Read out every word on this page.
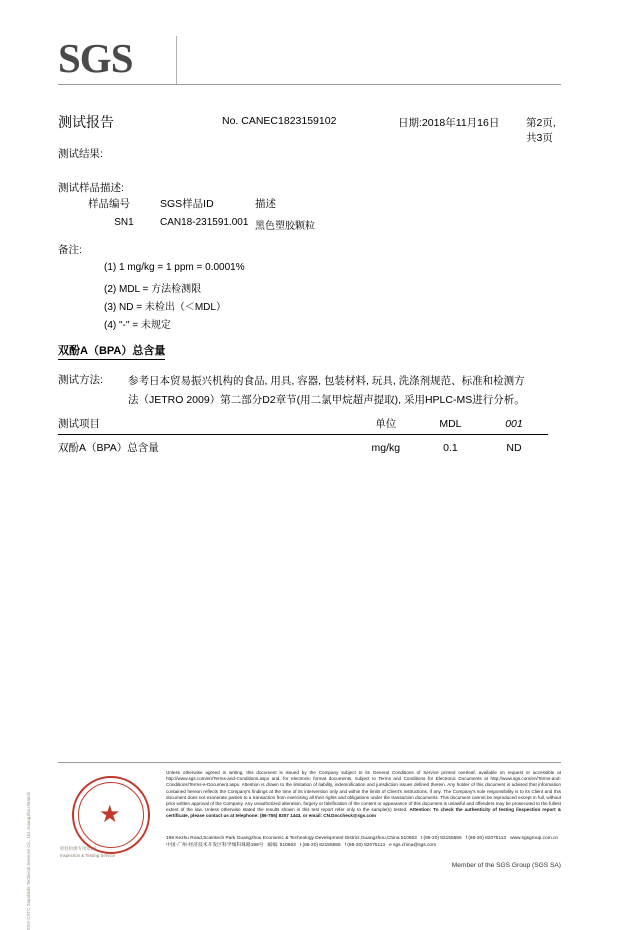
SGS
测试报告	No. CANEC1823159102	日期:2018年11月16日	第2页,共3页
测试结果:
测试样品描述:
样品编号	SGS样品ID	描述
SN1	CAN18-231591.001	黑色塑胶颗粒
备注:
(1) 1 mg/kg = 1 ppm = 0.0001%
(2) MDL = 方法检测限
(3) ND = 未检出（＜MDL）
(4) "-" = 未规定
双酚A（BPA）总含量
测试方法: 参考日本贸易振兴机构的食品, 用具, 容器, 包装材料, 玩具, 洗涤剂规范、标准和检测方
法（JETRO 2009）第二部分D2章节(用二氯甲烷超声提取), 采用HPLC-MS进行分析。
测试项目	单位	MDL	001
双酚A（BPA）总含量	mg/kg	0.1	ND
SGS-CSTC Standards Technical Services Co., Ltd. Guangzhou Branch	★
检验检测专用章(4)
Inspection & Testing Service
Unless otherwise agreed in writing, this document is issued by the Company subject to its General Conditions of Service printed overleaf, available on request or accessible at http://www.sgs.com/en/Terms-and-Conditions.aspx and, for electronic format documents, subject to Terms and Conditions for Electronic Documents at http://www.sgs.com/en/Terms-and-Conditions/Terms-e-Document.aspx. Attention is drawn to the limitation of liability, indemnification and jurisdiction issues defined therein. Any holder of this document is advised that information contained hereon reflects the Company's findings at the time of its intervention only and within the limits of Client's instructions, if any. The Company's sole responsibility is to its Client and this document does not exonerate parties to a transaction from exercising all their rights and obligations under the transaction documents. This document cannot be reproduced except in full, without prior written approval of the Company. Any unauthorized alteration, forgery or falsification of the content or appearance of this document is unlawful and offenders may be prosecuted to the fullest extent of the law. Unless otherwise stated the results shown in this test report refer only to the sample(s) tested. Attention: To check the authenticity of testing /inspection report & certificate, please contact us at telephone: (86-755) 8307 1443, or email: CN.Doccheck@sgs.com
198 Kezhu Road,Scientech Park Guangzhou Economic & Technology Development District,Guangzhou,China 510663 t (86-20) 82155555 f (86-20) 82075113 www.sgsgroup.com.cn
中国·广州·经济技术开发区科学城科珠路198号 邮编: 510663 t (86-20) 82155555 f (86-20) 82075113 e sgs.china@sgs.com
Member of the SGS Group (SGS SA)
